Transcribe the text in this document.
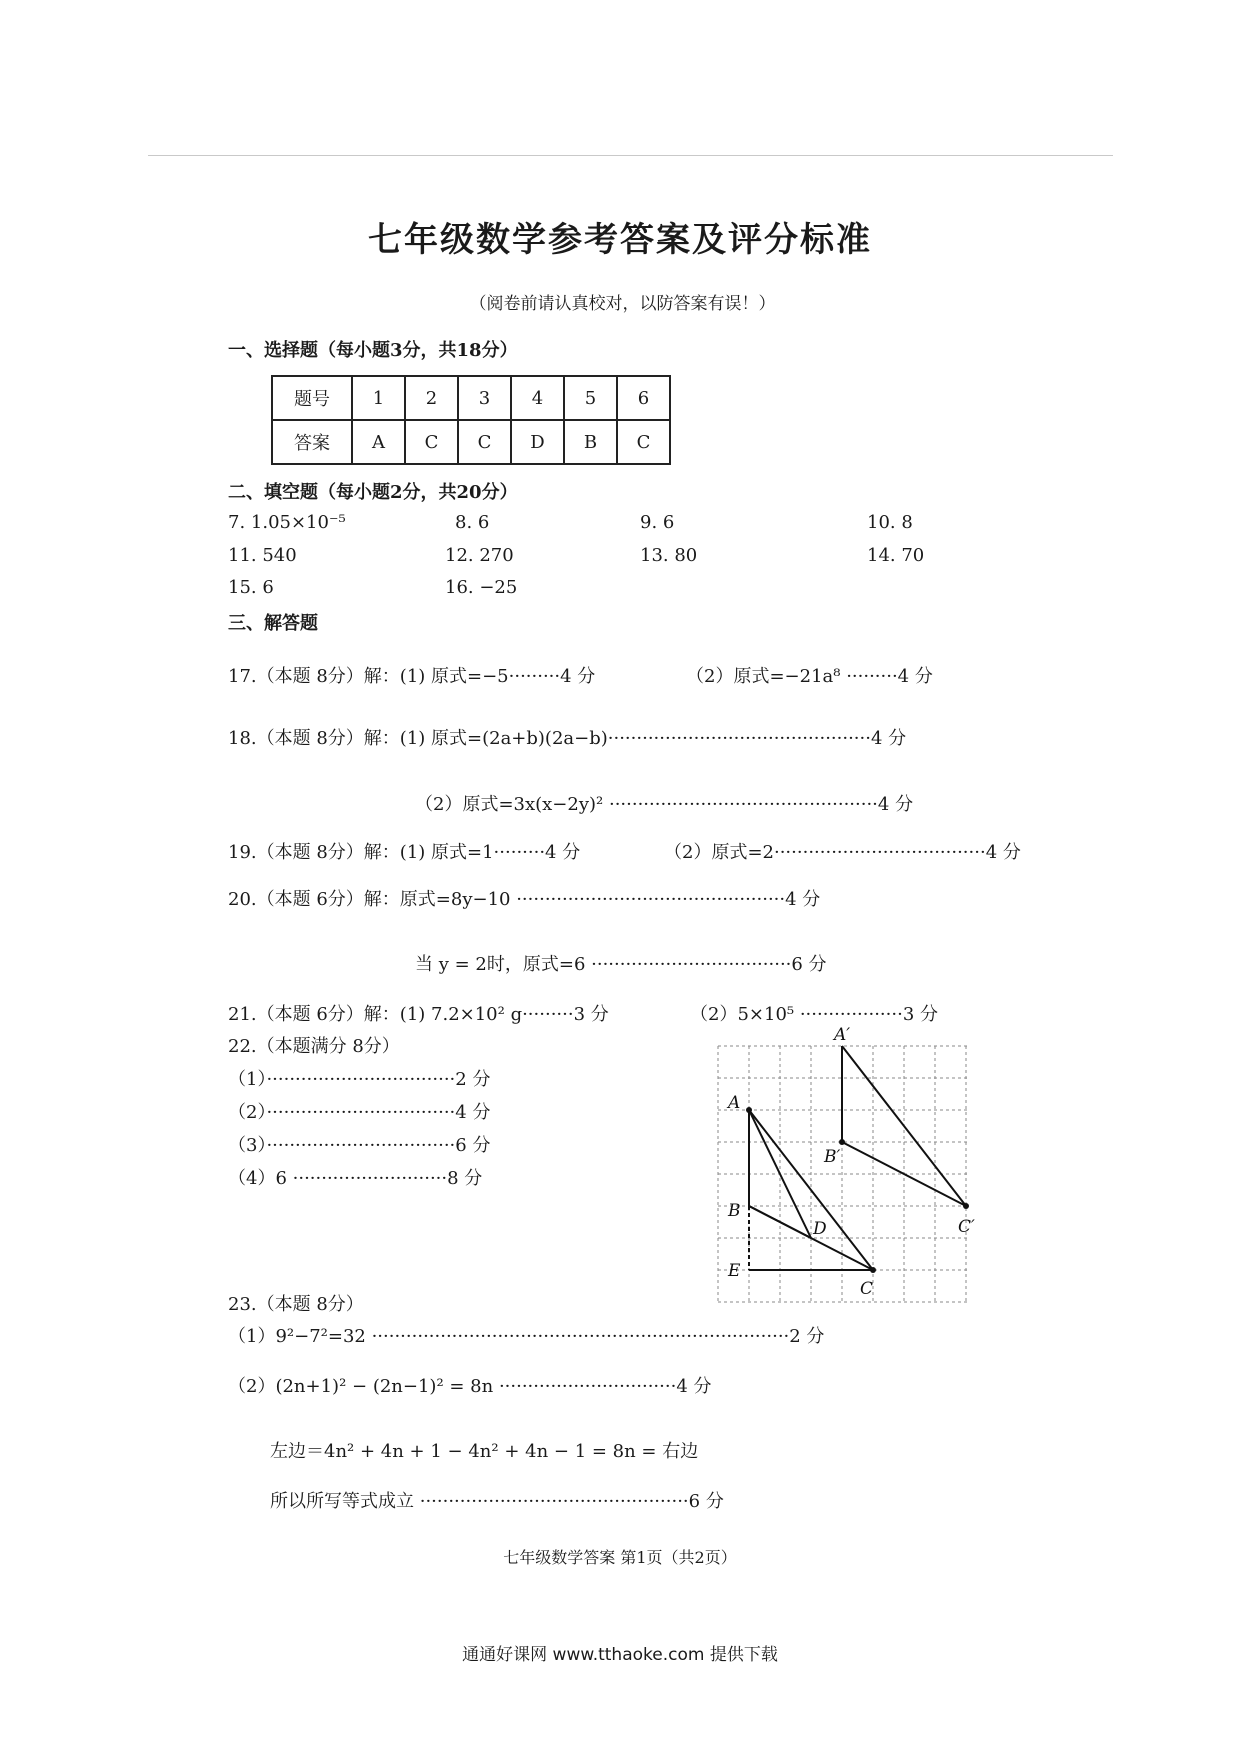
七年级数学参考答案及评分标准
（阅卷前请认真校对，以防答案有误！）
一、选择题（每小题3分，共18分）
题号	1	2	3	4	5	6
答案	A	C	C	D	B	C
二、填空题（每小题2分，共20分）
7. 1.05×10⁻⁵	8. 6	9. 6	10. 8
11. 540	12. 270	13. 80	14. 70
15. 6	16. −25
三、解答题
17.（本题 8分）解：(1) 原式=−5·········4 分	（2）原式=−21a⁸ ·········4 分
18.（本题 8分）解：(1) 原式=(2a+b)(2a−b)··············································4 分
（2）原式=3x(x−2y)² ···············································4 分
19.（本题 8分）解：(1) 原式=1·········4 分	（2）原式=2·····································4 分
20.（本题 6分）解：原式=8y−10 ···············································4 分
当 y = 2时，原式=6 ···································6 分
21.（本题 6分）解：(1) 7.2×10² g·········3 分	（2）5×10⁵ ··················3 分
22.（本题满分 8分）
（1）·································2 分
（2）·································4 分
（3）·································6 分
（4）6 ···························8 分
A′
A
B′
B
D	C′
E
C
23.（本题 8分）
（1）9²−7²=32 ·········································································2 分
（2）(2n+1)² − (2n−1)² = 8n ·······························4 分
左边＝4n² + 4n + 1 − 4n² + 4n − 1 = 8n = 右边
所以所写等式成立 ···············································6 分
七年级数学答案 第1页（共2页）
通通好课网 www.tthaoke.com 提供下载
